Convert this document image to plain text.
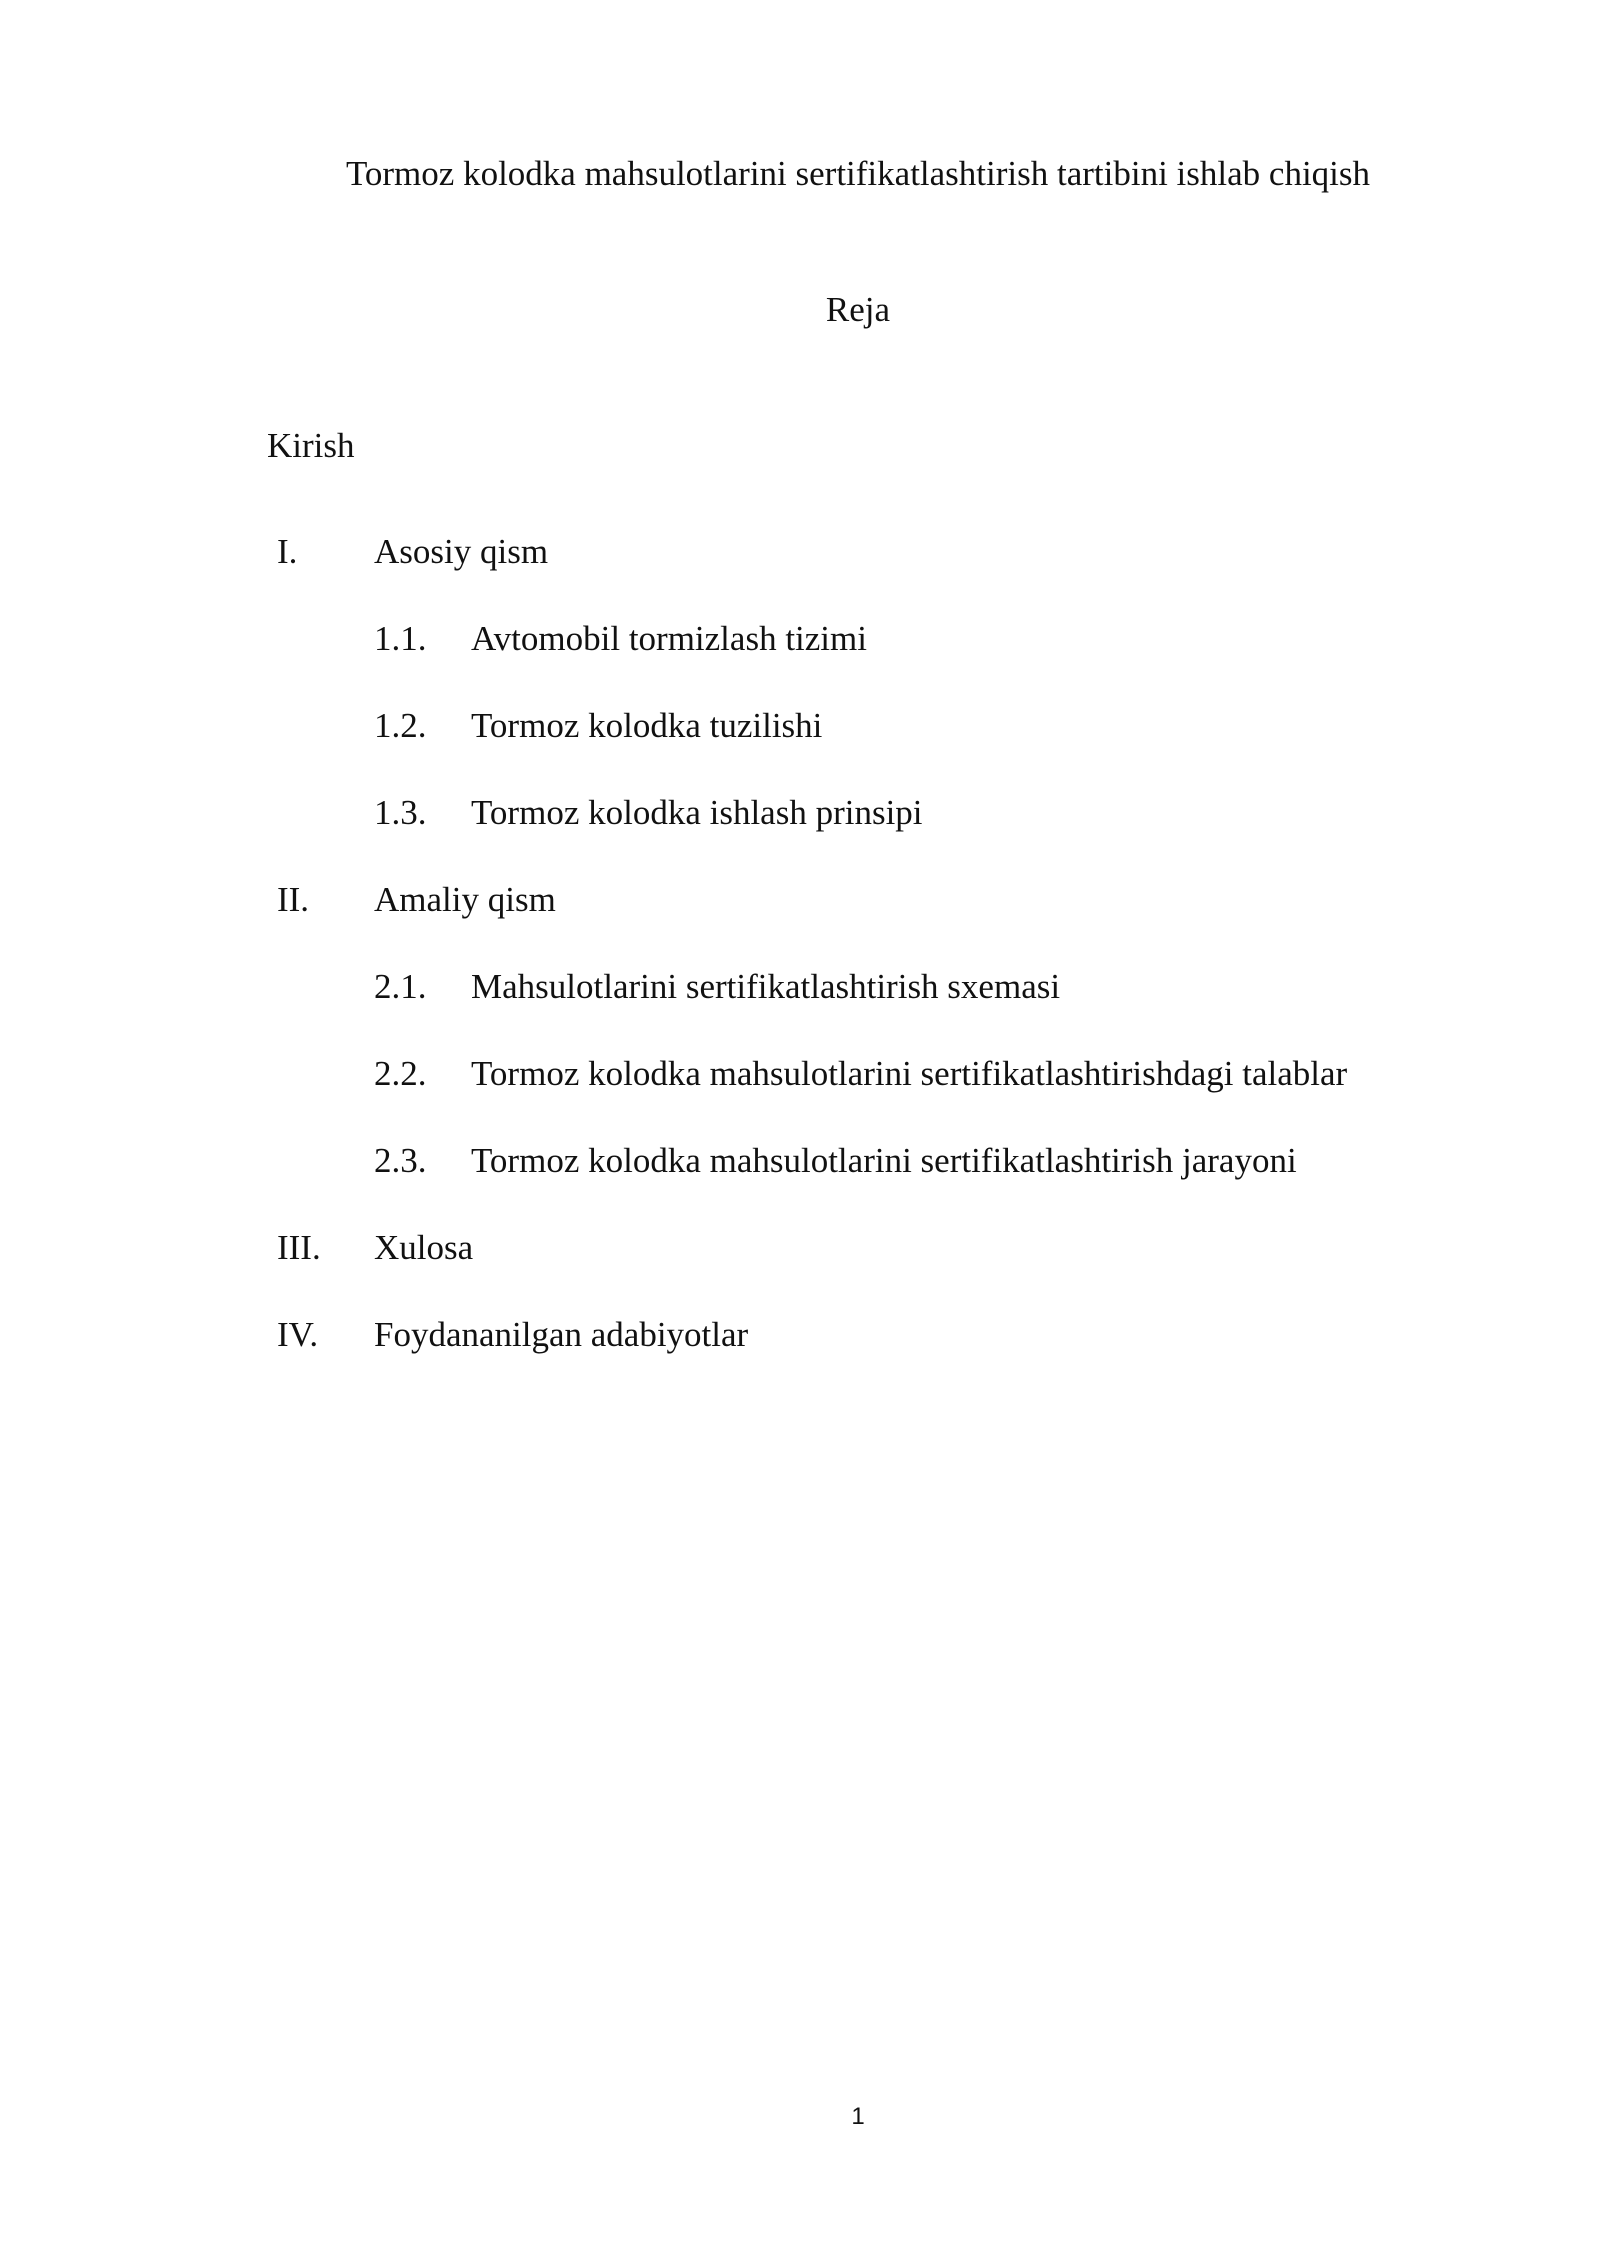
Tormoz kolodka mahsulotlarini sertifikatlashtirish tartibini ishlab chiqish
Reja
Kirish
I. Asosiy qism
1.1. Avtomobil tormizlash tizimi
1.2. Tormoz kolodka tuzilishi
1.3. Tormoz kolodka ishlash prinsipi
II. Amaliy qism
2.1. Mahsulotlarini sertifikatlashtirish sxemasi
2.2. Tormoz kolodka mahsulotlarini sertifikatlashtirishdagi talablar
2.3. Tormoz kolodka mahsulotlarini sertifikatlashtirish jarayoni
III. Xulosa
IV. Foydananilgan adabiyotlar
1
